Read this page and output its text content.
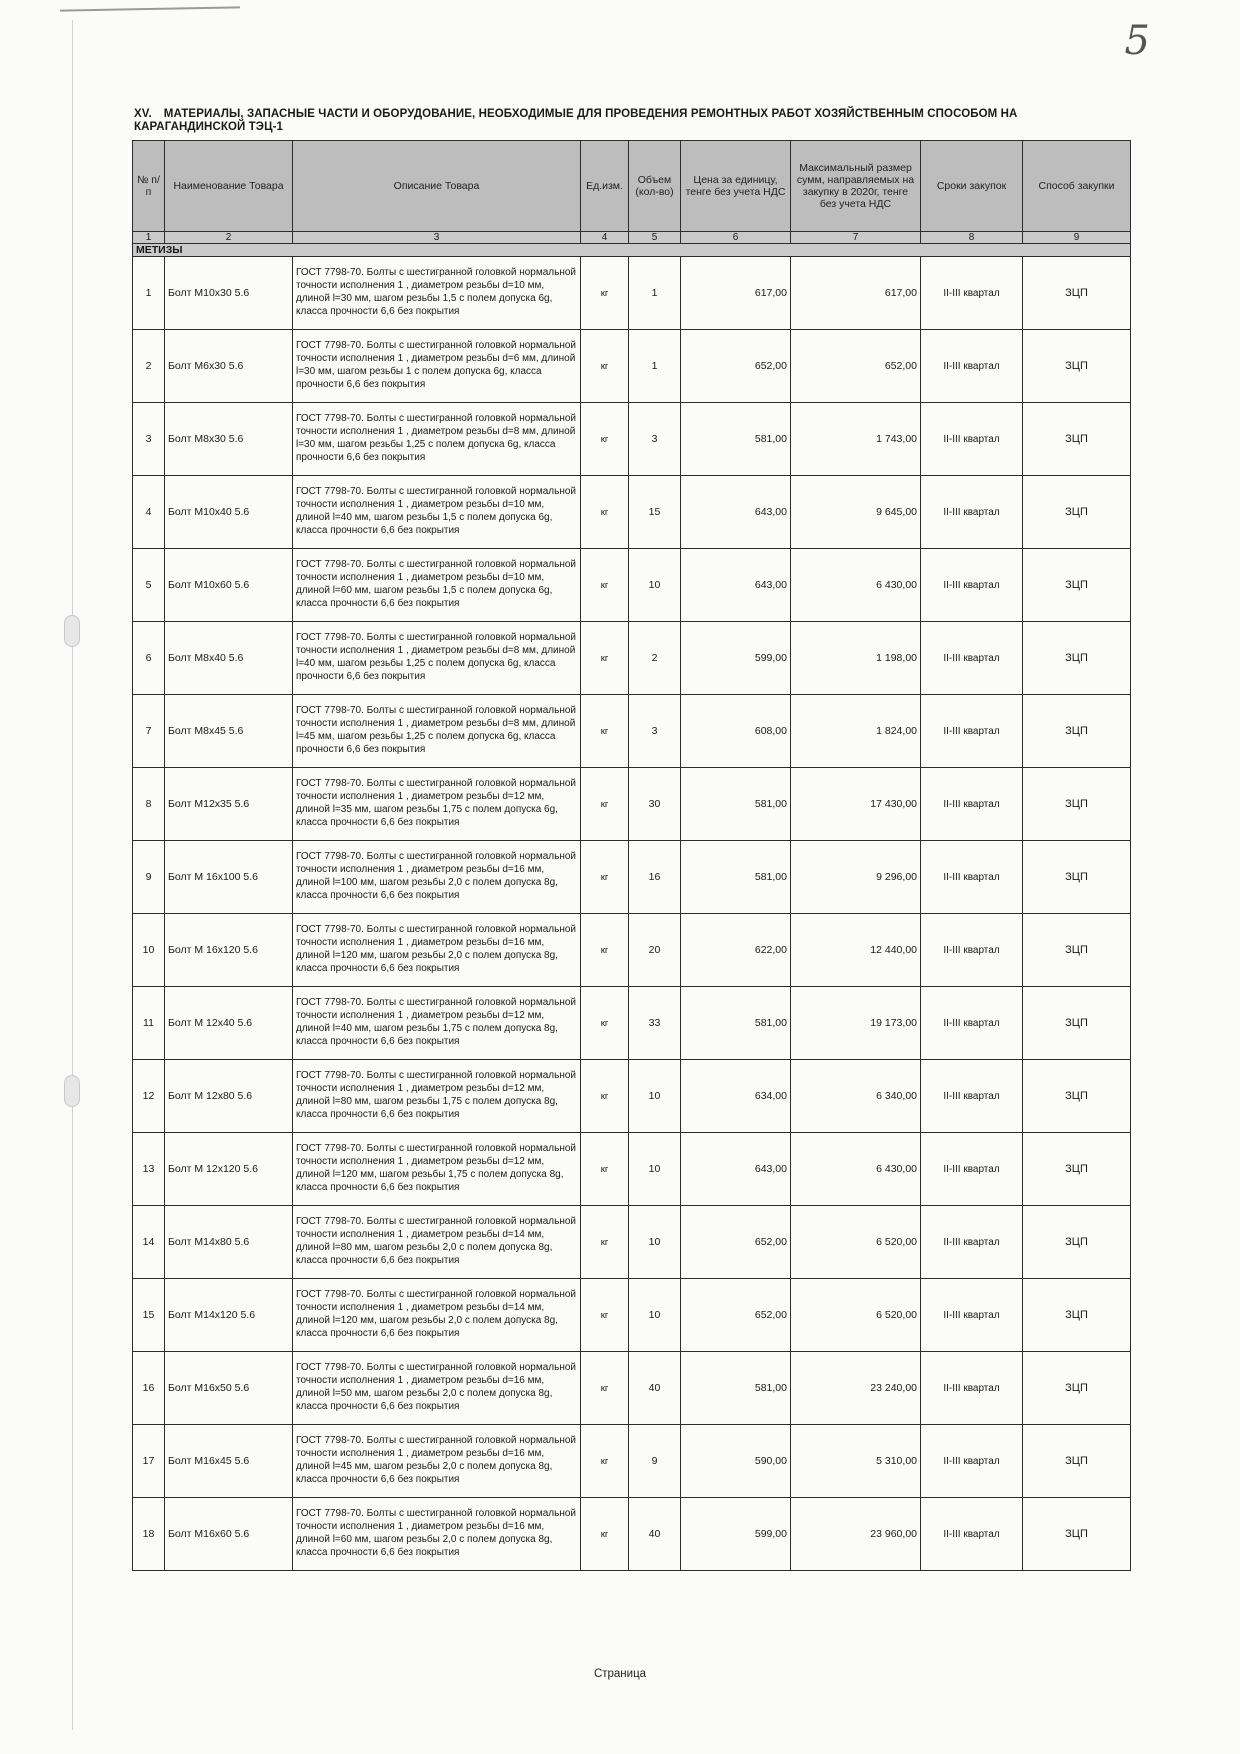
5
XV. МАТЕРИАЛЫ, ЗАПАСНЫЕ ЧАСТИ И ОБОРУДОВАНИЕ, НЕОБХОДИМЫЕ ДЛЯ ПРОВЕДЕНИЯ РЕМОНТНЫХ РАБОТ ХОЗЯЙСТВЕННЫМ СПОСОБОМ НА КАРАГАНДИНСКОЙ ТЭЦ-1
№ п/п	Наименование Товара	Описание Товара	Ед.изм.	Объем (кол-во)	Цена за единицу, тенге без учета НДС	Максимальный размер сумм, направляемых на закупку в 2020г, тенге без учета НДС	Сроки закупок	Способ закупки
1	2	3	4	5	6	7	8	9
МЕТИЗЫ								
1	Болт М10х30 5.6	ГОСТ 7798-70. Болты с шестигранной головкой нормальной точности исполнения 1 , диаметром резьбы d=10 мм, длиной l=30 мм, шагом резьбы 1,5 с полем допуска 6g, класса прочности 6,6 без покрытия	кг	1	617,00	617,00	II-III квартал	ЗЦП
2	Болт М6х30 5.6	ГОСТ 7798-70. Болты с шестигранной головкой нормальной точности исполнения 1 , диаметром резьбы d=6 мм, длиной l=30 мм, шагом резьбы 1 с полем допуска 6g, класса прочности 6,6 без покрытия	кг	1	652,00	652,00	II-III квартал	ЗЦП
3	Болт М8х30 5.6	ГОСТ 7798-70. Болты с шестигранной головкой нормальной точности исполнения 1 , диаметром резьбы d=8 мм, длиной l=30 мм, шагом резьбы 1,25 с полем допуска 6g, класса прочности 6,6 без покрытия	кг	3	581,00	1 743,00	II-III квартал	ЗЦП
4	Болт М10х40 5.6	ГОСТ 7798-70. Болты с шестигранной головкой нормальной точности исполнения 1 , диаметром резьбы d=10 мм, длиной l=40 мм, шагом резьбы 1,5 с полем допуска 6g, класса прочности 6,6 без покрытия	кг	15	643,00	9 645,00	II-III квартал	ЗЦП
5	Болт М10х60 5.6	ГОСТ 7798-70. Болты с шестигранной головкой нормальной точности исполнения 1 , диаметром резьбы d=10 мм, длиной l=60 мм, шагом резьбы 1,5 с полем допуска 6g, класса прочности 6,6 без покрытия	кг	10	643,00	6 430,00	II-III квартал	ЗЦП
6	Болт М8х40 5.6	ГОСТ 7798-70. Болты с шестигранной головкой нормальной точности исполнения 1 , диаметром резьбы d=8 мм, длиной l=40 мм, шагом резьбы 1,25 с полем допуска 6g, класса прочности 6,6 без покрытия	кг	2	599,00	1 198,00	II-III квартал	ЗЦП
7	Болт М8х45 5.6	ГОСТ 7798-70. Болты с шестигранной головкой нормальной точности исполнения 1 , диаметром резьбы d=8 мм, длиной l=45 мм, шагом резьбы 1,25 с полем допуска 6g, класса прочности 6,6 без покрытия	кг	3	608,00	1 824,00	II-III квартал	ЗЦП
8	Болт М12х35 5.6	ГОСТ 7798-70. Болты с шестигранной головкой нормальной точности исполнения 1 , диаметром резьбы d=12 мм, длиной l=35 мм, шагом резьбы 1,75 с полем допуска 6g, класса прочности 6,6 без покрытия	кг	30	581,00	17 430,00	II-III квартал	ЗЦП
9	Болт М 16х100 5.6	ГОСТ 7798-70. Болты с шестигранной головкой нормальной точности исполнения 1 , диаметром резьбы d=16 мм, длиной l=100 мм, шагом резьбы 2,0 с полем допуска 8g, класса прочности 6,6 без покрытия	кг	16	581,00	9 296,00	II-III квартал	ЗЦП
10	Болт М 16х120 5.6	ГОСТ 7798-70. Болты с шестигранной головкой нормальной точности исполнения 1 , диаметром резьбы d=16 мм, длиной l=120 мм, шагом резьбы 2,0 с полем допуска 8g, класса прочности 6,6 без покрытия	кг	20	622,00	12 440,00	II-III квартал	ЗЦП
11	Болт М 12х40 5.6	ГОСТ 7798-70. Болты с шестигранной головкой нормальной точности исполнения 1 , диаметром резьбы d=12 мм, длиной l=40 мм, шагом резьбы 1,75 с полем допуска 8g, класса прочности 6,6 без покрытия	кг	33	581,00	19 173,00	II-III квартал	ЗЦП
12	Болт М 12х80 5.6	ГОСТ 7798-70. Болты с шестигранной головкой нормальной точности исполнения 1 , диаметром резьбы d=12 мм, длиной l=80 мм, шагом резьбы 1,75 с полем допуска 8g, класса прочности 6,6 без покрытия	кг	10	634,00	6 340,00	II-III квартал	ЗЦП
13	Болт М 12х120 5.6	ГОСТ 7798-70. Болты с шестигранной головкой нормальной точности исполнения 1 , диаметром резьбы d=12 мм, длиной l=120 мм, шагом резьбы 1,75 с полем допуска 8g, класса прочности 6,6 без покрытия	кг	10	643,00	6 430,00	II-III квартал	ЗЦП
14	Болт М14х80 5.6	ГОСТ 7798-70. Болты с шестигранной головкой нормальной точности исполнения 1 , диаметром резьбы d=14 мм, длиной l=80 мм, шагом резьбы 2,0 с полем допуска 8g, класса прочности 6,6 без покрытия	кг	10	652,00	6 520,00	II-III квартал	ЗЦП
15	Болт М14х120 5.6	ГОСТ 7798-70. Болты с шестигранной головкой нормальной точности исполнения 1 , диаметром резьбы d=14 мм, длиной l=120 мм, шагом резьбы 2,0 с полем допуска 8g, класса прочности 6,6 без покрытия	кг	10	652,00	6 520,00	II-III квартал	ЗЦП
16	Болт М16х50 5.6	ГОСТ 7798-70. Болты с шестигранной головкой нормальной точности исполнения 1 , диаметром резьбы d=16 мм, длиной l=50 мм, шагом резьбы 2,0 с полем допуска 8g, класса прочности 6,6 без покрытия	кг	40	581,00	23 240,00	II-III квартал	ЗЦП
17	Болт М16х45 5.6	ГОСТ 7798-70. Болты с шестигранной головкой нормальной точности исполнения 1 , диаметром резьбы d=16 мм, длиной l=45 мм, шагом резьбы 2,0 с полем допуска 8g, класса прочности 6,6 без покрытия	кг	9	590,00	5 310,00	II-III квартал	ЗЦП
18	Болт М16х60 5.6	ГОСТ 7798-70. Болты с шестигранной головкой нормальной точности исполнения 1 , диаметром резьбы d=16 мм, длиной l=60 мм, шагом резьбы 2,0 с полем допуска 8g, класса прочности 6,6 без покрытия	кг	40	599,00	23 960,00	II-III квартал	ЗЦП
Страница
